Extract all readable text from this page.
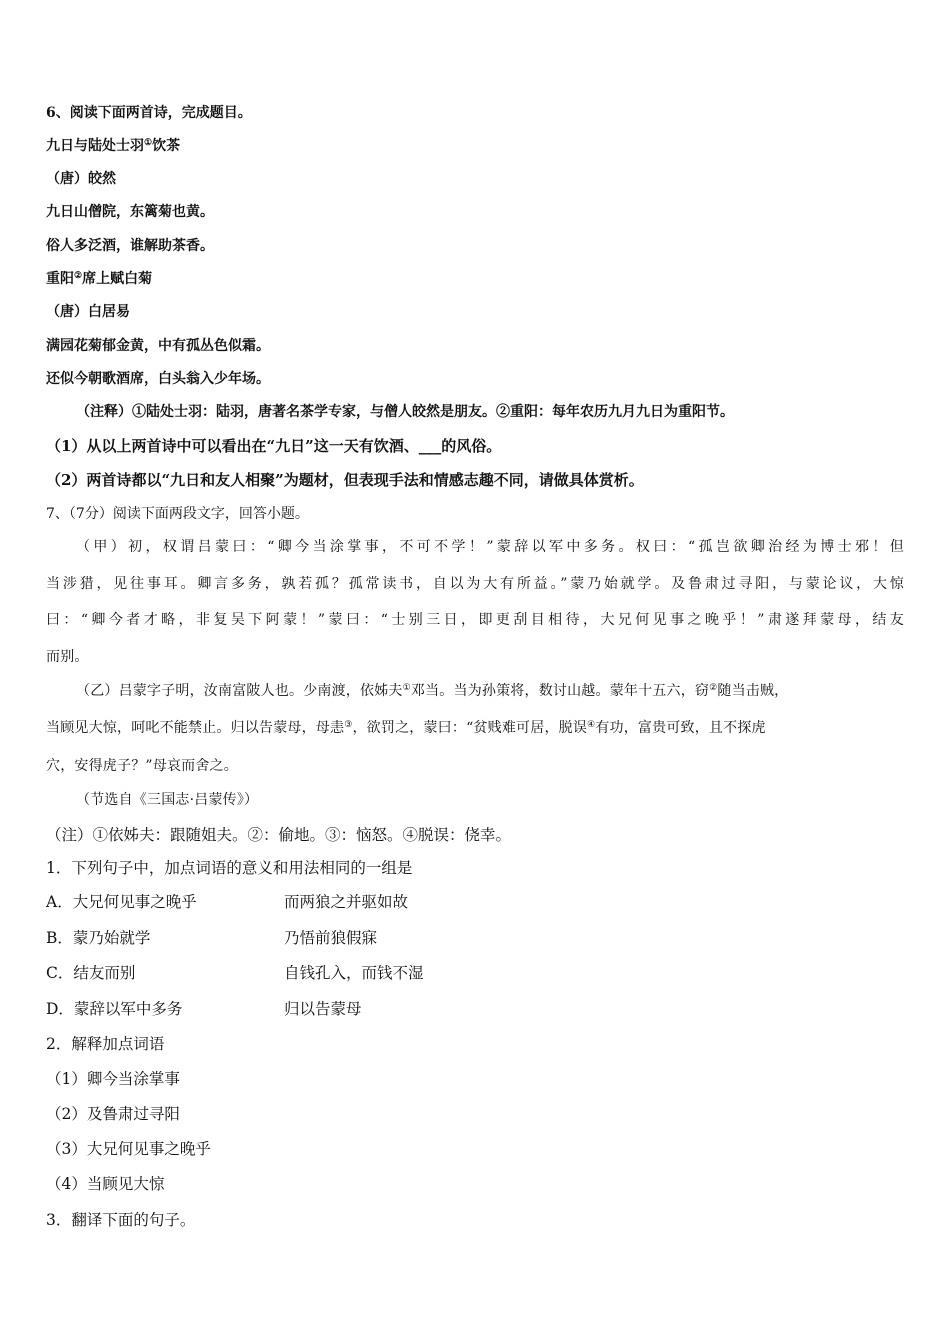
6、阅读下面两首诗，完成题目。
九日与陆处士羽①饮茶
（唐）皎然
九日山僧院，东篱菊也黄。
俗人多泛酒，谁解助茶香。
重阳②席上赋白菊
（唐）白居易
满园花菊郁金黄，中有孤丛色似霜。
还似今朝歌酒席，白头翁入少年场。
（注释）①陆处士羽：陆羽，唐著名茶学专家，与僧人皎然是朋友。②重阳：每年农历九月九日为重阳节。
（1）从以上两首诗中可以看出在“九日”这一天有饮酒、___的风俗。
（2）两首诗都以“九日和友人相聚”为题材，但表现手法和情感志趣不同，请做具体赏析。
7、（7分）阅读下面两段文字，回答小题。
（甲）初，权谓吕蒙曰：“卿今当涂掌事，不可不学！”蒙辞以军中多务。权曰：“孤岂欲卿治经为博士邪！但
当涉猎，见往事耳。卿言多务，孰若孤？孤常读书，自以为大有所益。”蒙乃始就学。及鲁肃过寻阳，与蒙论议，大惊
曰：“卿今者才略，非复吴下阿蒙！”蒙曰：“士别三日，即更刮目相待，大兄何见事之晚乎！”肃遂拜蒙母，结友
而别。
（乙）吕蒙字子明，汝南富陂人也。少南渡，依姊夫①邓当。当为孙策将，数讨山越。蒙年十五六，窃②随当击贼，
当顾见大惊，呵叱不能禁止。归以告蒙母，母恚③，欲罚之，蒙曰：“贫贱难可居，脱误④有功，富贵可致，且不探虎
穴，安得虎子？”母哀而舍之。
（节选自《三国志·吕蒙传》）
（注）①依姊夫：跟随姐夫。②：偷地。③：恼怒。④脱误：侥幸。
1．下列句子中，加点词语的意义和用法相同的一组是
A．大兄何见事之晚乎	而两狼之并驱如故
B．蒙乃始就学	乃悟前狼假寐
C．结友而别	自钱孔入，而钱不湿
D．蒙辞以军中多务	归以告蒙母
2．解释加点词语
（1）卿今当涂掌事
（2）及鲁肃过寻阳
（3）大兄何见事之晚乎
（4）当顾见大惊
3．翻译下面的句子。
